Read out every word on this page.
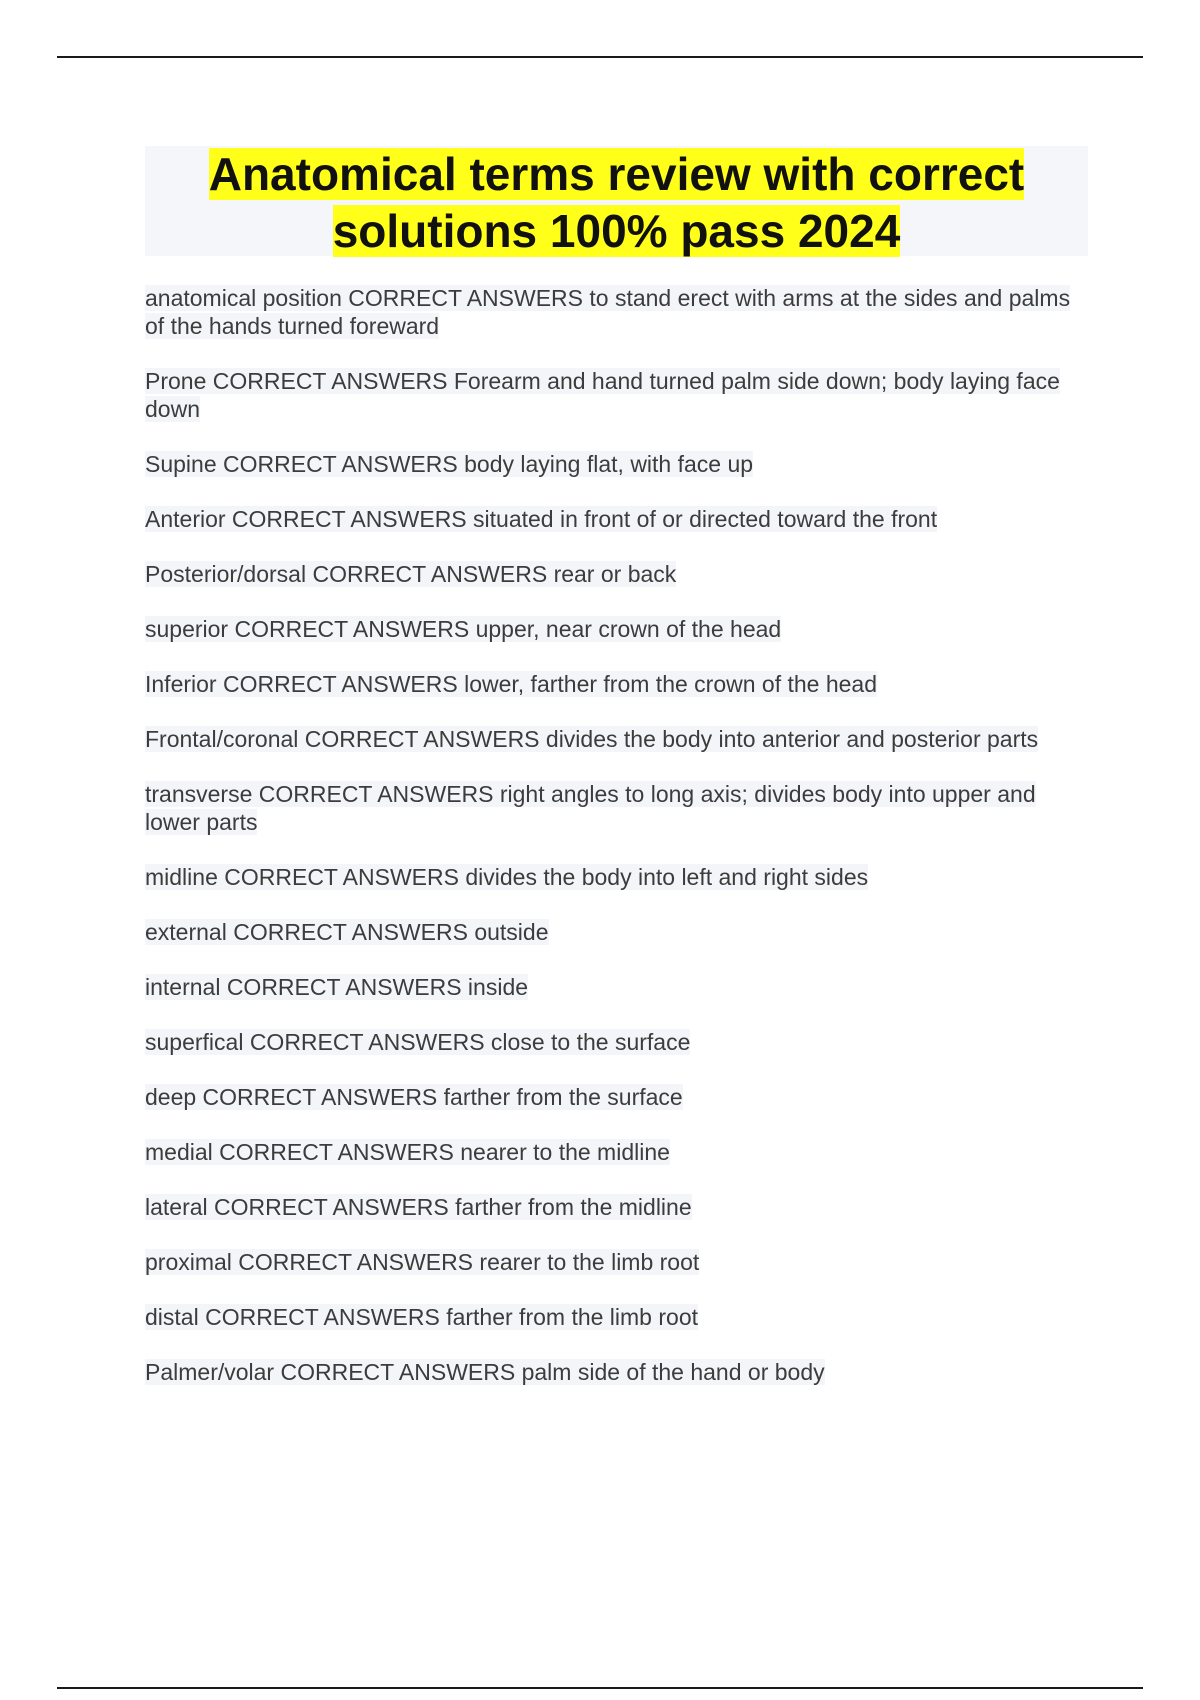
Anatomical terms review with correct solutions 100% pass 2024
anatomical position CORRECT ANSWERS to stand erect with arms at the sides and palms of the hands turned foreward
Prone CORRECT ANSWERS Forearm and hand turned palm side down; body laying face down
Supine CORRECT ANSWERS body laying flat, with face up
Anterior CORRECT ANSWERS situated in front of or directed toward the front
Posterior/dorsal CORRECT ANSWERS rear or back
superior CORRECT ANSWERS upper, near crown of the head
Inferior CORRECT ANSWERS lower, farther from the crown of the head
Frontal/coronal CORRECT ANSWERS divides the body into anterior and posterior parts
transverse CORRECT ANSWERS right angles to long axis; divides body into upper and lower parts
midline CORRECT ANSWERS divides the body into left and right sides
external CORRECT ANSWERS outside
internal CORRECT ANSWERS inside
superfical CORRECT ANSWERS close to the surface
deep CORRECT ANSWERS farther from the surface
medial CORRECT ANSWERS nearer to the midline
lateral CORRECT ANSWERS farther from the midline
proximal CORRECT ANSWERS rearer to the limb root
distal CORRECT ANSWERS farther from the limb root
Palmer/volar CORRECT ANSWERS palm side of the hand or body
